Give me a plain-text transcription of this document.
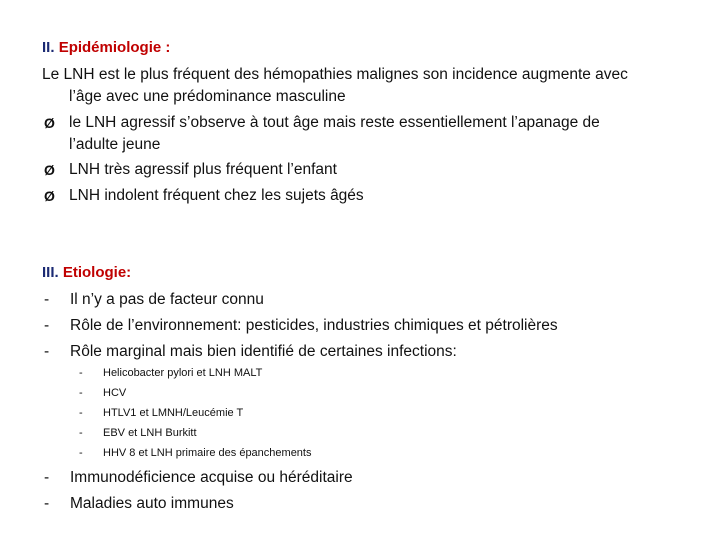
II. Epidémiologie :
Le LNH est le plus fréquent des hémopathies malignes son incidence augmente avec
l’âge avec une prédominance masculine
Ø le LNH agressif s’observe à tout âge mais reste essentiellement l’apanage de
l’adulte jeune
Ø LNH très agressif plus fréquent l’enfant
Ø LNH indolent fréquent chez les sujets âgés
III. Etiologie:
- Il n’y a pas de facteur connu
- Rôle de l’environnement: pesticides, industries chimiques et pétrolières
- Rôle marginal mais bien identifié de certaines infections:
- Helicobacter pylori et LNH MALT
- HCV
- HTLV1 et LMNH/Leucémie T
- EBV et LNH Burkitt
- HHV 8 et LNH primaire des épanchements
- Immunodéficience acquise ou héréditaire
- Maladies auto immunes
